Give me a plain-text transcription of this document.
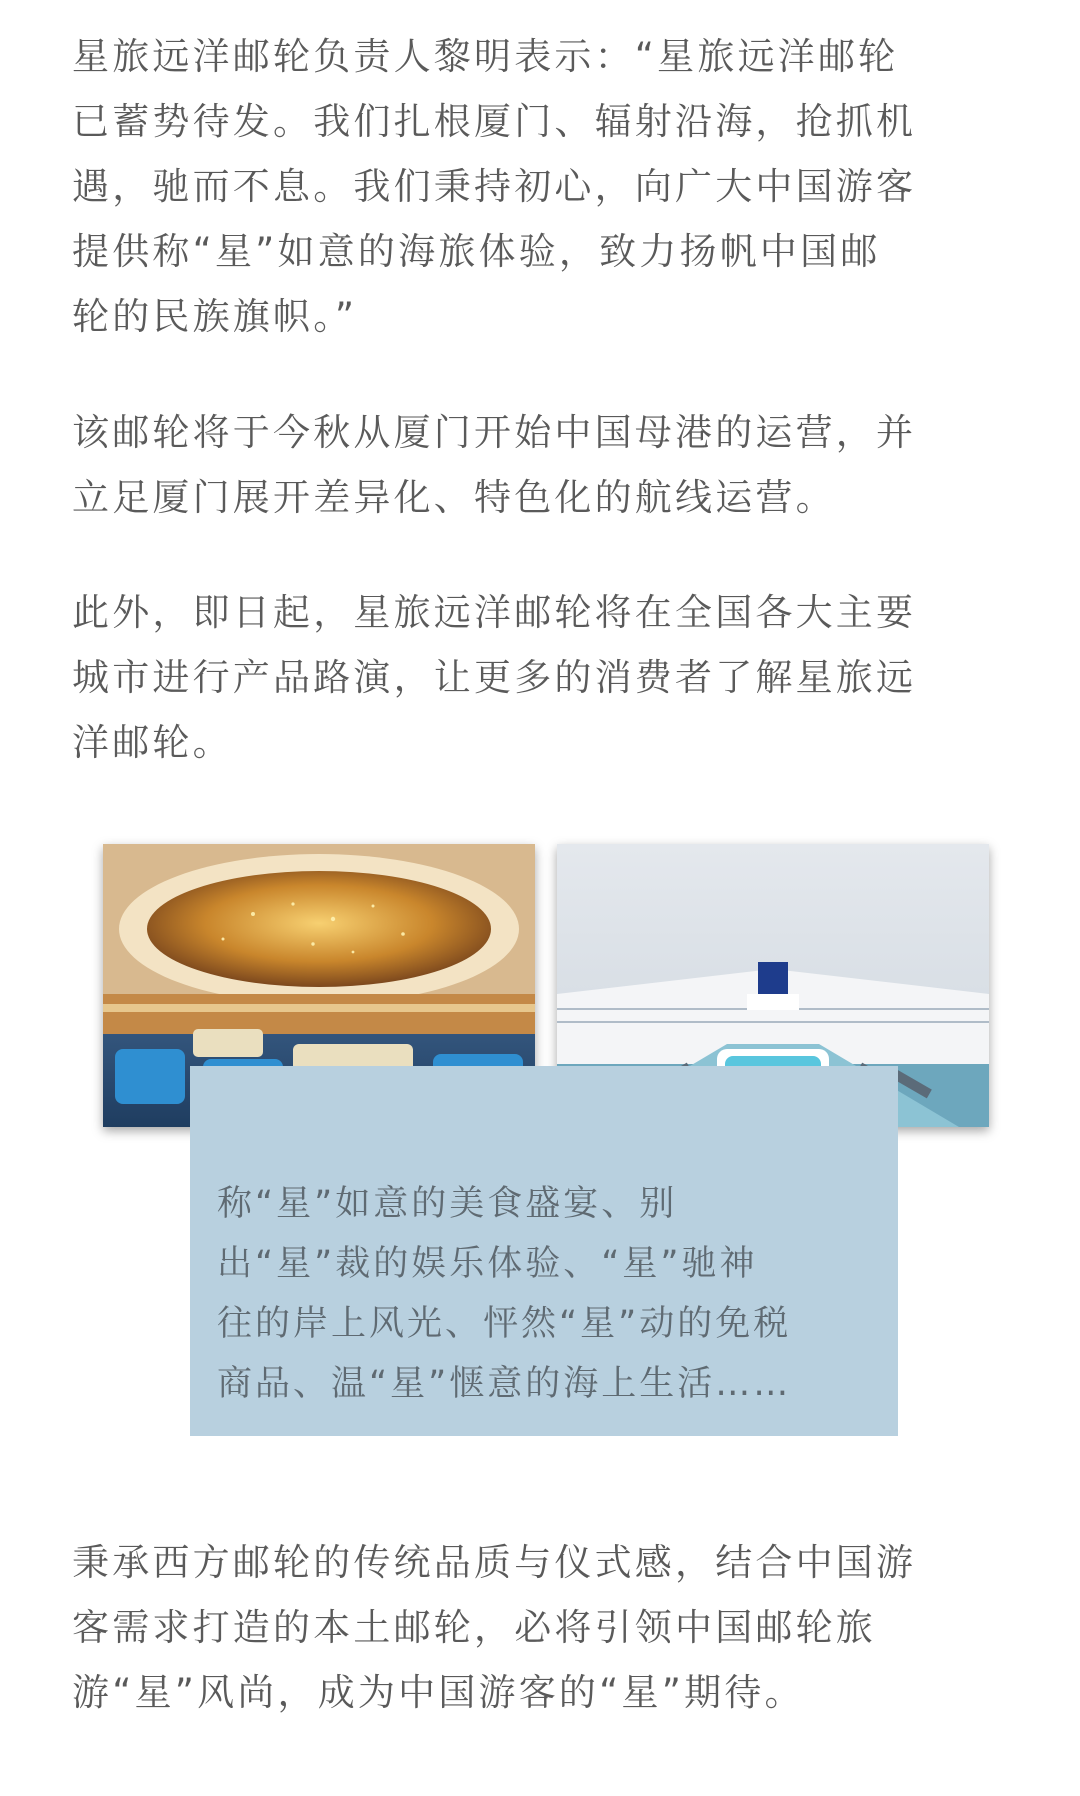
星旅远洋邮轮负责人黎明表示：“星旅远洋邮轮
已蓄势待发。我们扎根厦门、辐射沿海，抢抓机
遇，驰而不息。我们秉持初心，向广大中国游客
提供称“星”如意的海旅体验，致力扬帆中国邮
轮的民族旗帜。”
该邮轮将于今秋从厦门开始中国母港的运营，并
立足厦门展开差异化、特色化的航线运营。
此外，即日起，星旅远洋邮轮将在全国各大主要
城市进行产品路演，让更多的消费者了解星旅远
洋邮轮。
称“星”如意的美食盛宴、别
出“星”裁的娱乐体验、“星”驰神
往的岸上风光、怦然“星”动的免税
商品、温“星”惬意的海上生活……
秉承西方邮轮的传统品质与仪式感，结合中国游
客需求打造的本土邮轮，必将引领中国邮轮旅
游“星”风尚，成为中国游客的“星”期待。
